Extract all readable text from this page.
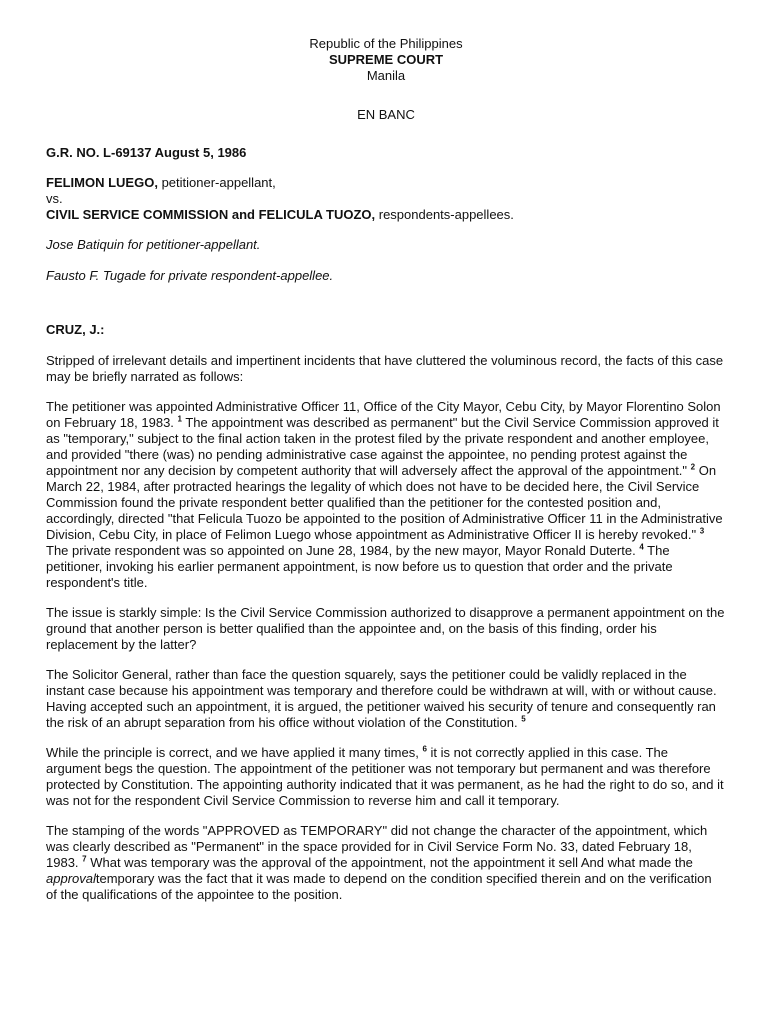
Republic of the Philippines
SUPREME COURT
Manila
EN BANC
G.R. NO. L-69137 August 5, 1986
FELIMON LUEGO, petitioner-appellant,
vs.
CIVIL SERVICE COMMISSION and FELICULA TUOZO, respondents-appellees.
Jose Batiquin for petitioner-appellant.
Fausto F. Tugade for private respondent-appellee.
CRUZ, J.:

Stripped of irrelevant details and impertinent incidents that have cluttered the voluminous record, the facts of this case may be briefly narrated as follows:

The petitioner was appointed Administrative Officer 11, Office of the City Mayor, Cebu City, by Mayor Florentino Solon on February 18, 1983. $^1$ The appointment was described as permanent" but the Civil Service Commission approved it as "temporary," subject to the final action taken in the protest filed by the private respondent and another employee, and provided "there (was) no pending administrative case against the appointee, no pending protest against the appointment nor any decision by competent authority that will adversely affect the approval of the appointment." $^2$ On March 22, 1984, after protracted hearings the legality of which does not have to be decided here, the Civil Service Commission found the private respondent better qualified than the petitioner for the contested position and, accordingly, directed "that Felicula Tuozo be appointed to the position of Administrative Officer 11 in the Administrative Division, Cebu City, in place of Felimon Luego whose appointment as Administrative Officer II is hereby revoked." $^3$ The private respondent was so appointed on June 28, 1984, by the new mayor, Mayor Ronald Duterte. $^4$ The petitioner, invoking his earlier permanent appointment, is now before us to question that order and the private respondent's title.

The issue is starkly simple: Is the Civil Service Commission authorized to disapprove a permanent appointment on the ground that another person is better qualified than the appointee and, on the basis of this finding, order his replacement by the latter?

The Solicitor General, rather than face the question squarely, says the petitioner could be validly replaced in the instant case because his appointment was temporary and therefore could be withdrawn at will, with or without cause. Having accepted such an appointment, it is argued, the petitioner waived his security of tenure and consequently ran the risk of an abrupt separation from his office without violation of the Constitution. $^5$

While the principle is correct, and we have applied it many times, $^6$ it is not correctly applied in this case. The argument begs the question. The appointment of the petitioner was not temporary but permanent and was therefore protected by Constitution. The appointing authority indicated that it was permanent, as he had the right to do so, and it was not for the respondent Civil Service Commission to reverse him and call it temporary.

The stamping of the words "APPROVED as TEMPORARY" did not change the character of the appointment, which was clearly described as "Permanent" in the space provided for in Civil Service Form No. 33, dated February 18, 1983. $^7$ What was temporary was the approval of the appointment, not the appointment it sell And what made the approvaltemporary was the fact that it was made to depend on the condition specified therein and on the verification of the qualifications of the appointee to the position.
